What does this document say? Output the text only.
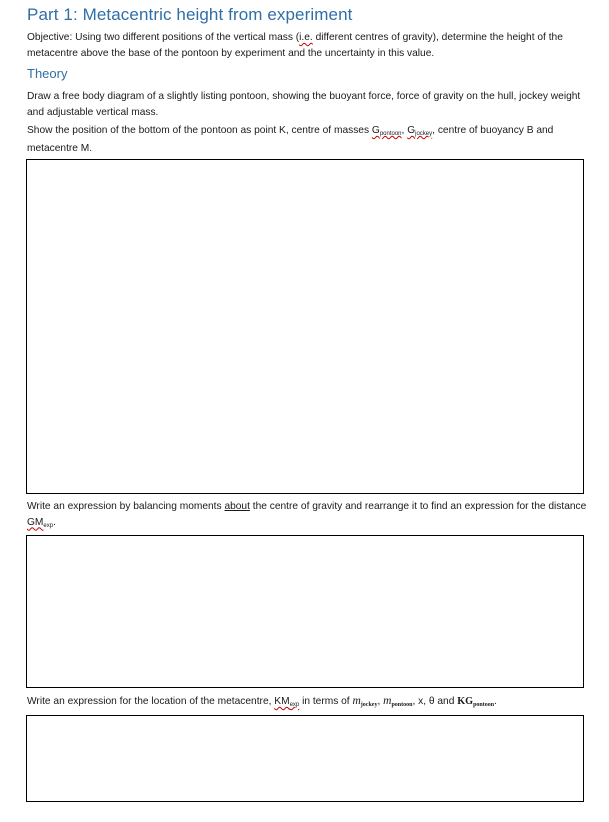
Part 1: Metacentric height from experiment
Objective: Using two different positions of the vertical mass (i.e. different centres of gravity), determine the height of the metacentre above the base of the pontoon by experiment and the uncertainty in this value.
Theory
Draw a free body diagram of a slightly listing pontoon, showing the buoyant force, force of gravity on the hull, jockey weight and adjustable vertical mass.
Show the position of the bottom of the pontoon as point K, centre of masses Gpontoon, Gjockey, centre of buoyancy B and metacentre M.
Write an expression by balancing moments about the centre of gravity and rearrange it to find an expression for the distance GMexp.
Write an expression for the location of the metacentre, KMexp in terms of mjockey, mpontoon, x, θ and KGpontoon.
